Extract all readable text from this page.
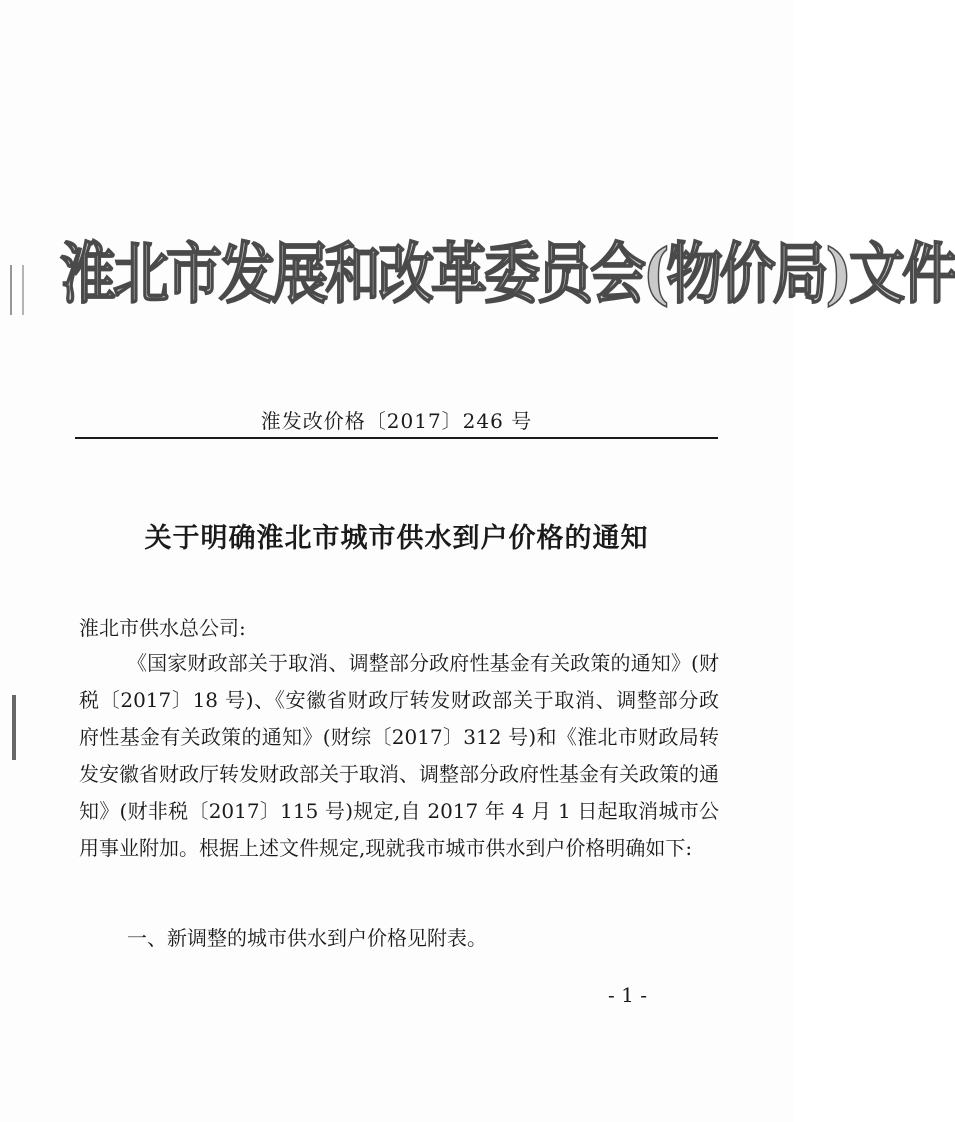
淮北市发展和改革委员会(物价局)文件
淮发改价格〔2017〕246 号
关于明确淮北市城市供水到户价格的通知
淮北市供水总公司:

《国家财政部关于取消、调整部分政府性基金有关政策的通知》(财税〔2017〕18 号)、《安徽省财政厅转发财政部关于取消、调整部分政府性基金有关政策的通知》(财综〔2017〕312 号)和《淮北市财政局转发安徽省财政厅转发财政部关于取消、调整部分政府性基金有关政策的通知》(财非税〔2017〕115 号)规定,自 2017 年 4 月 1 日起取消城市公用事业附加。根据上述文件规定,现就我市城市供水到户价格明确如下:

一、新调整的城市供水到户价格见附表。

- 1 -
